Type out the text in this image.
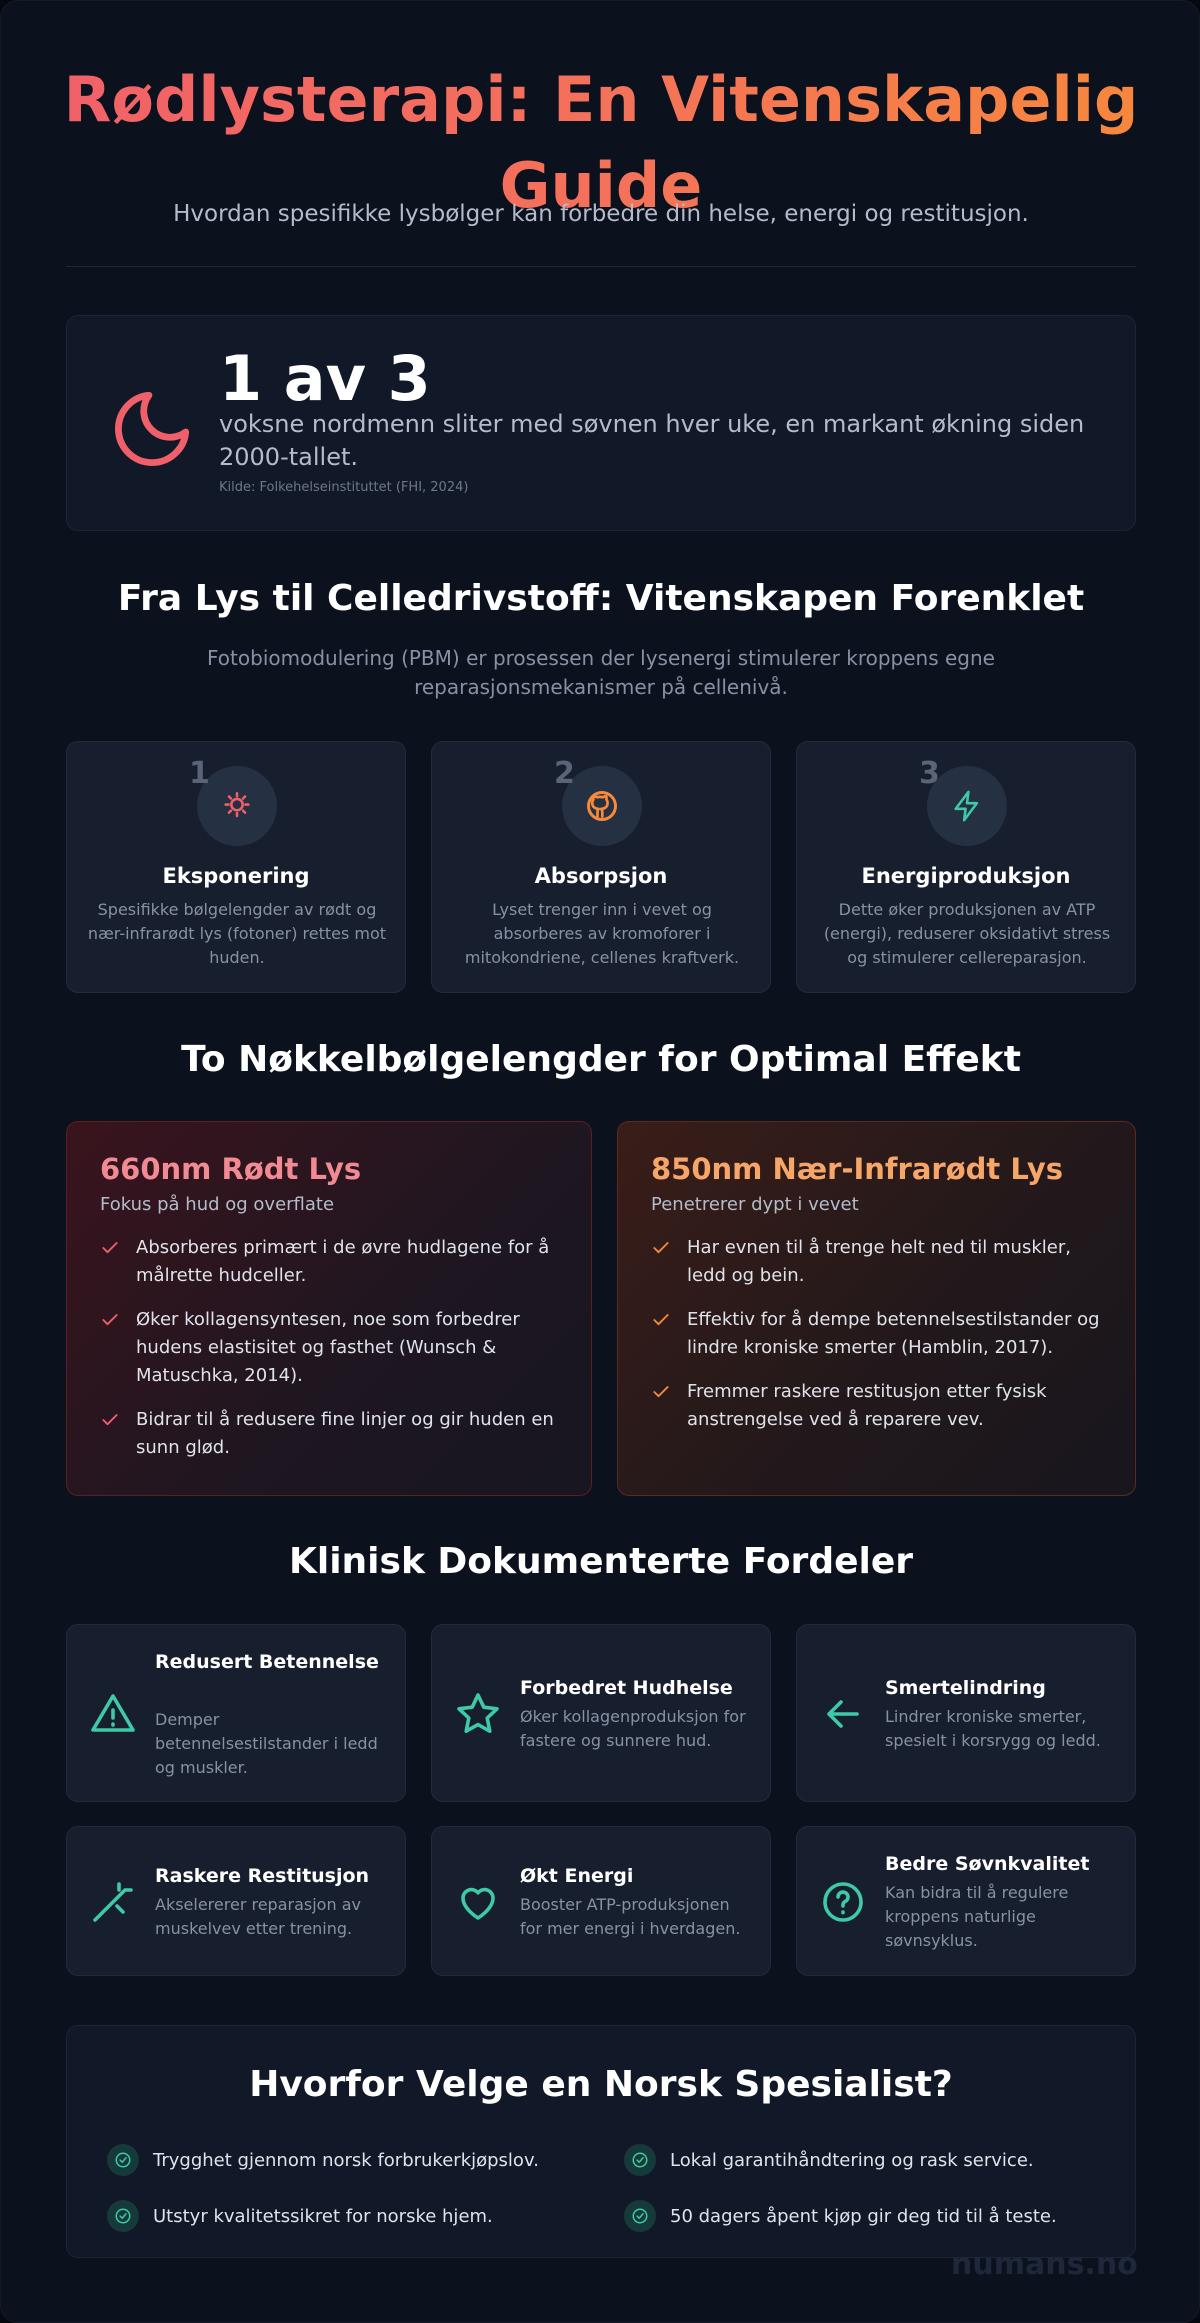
Rødlysterapi: En Vitenskapelig Guide

Hvordan spesifikke lysbølger kan forbedre din helse, energi og restitusjon.

1 av 3
voksne nordmenn sliter med søvnen hver uke, en markant økning siden 2000-tallet.
Kilde: Folkehelseinstituttet (FHI, 2024)
Fra Lys til Celledrivstoff: Vitenskapen Forenklet

Fotobiomodulering (PBM) er prosessen der lysenergi stimulerer kroppens egne reparasjonsmekanismer på cellenivå.

1
Eksponering
Spesifikke bølgelengder av rødt og nær-infrarødt lys (fotoner) rettes mot huden.
2
Absorpsjon
Lyset trenger inn i vevet og absorberes av kromoforer i mitokondriene, cellenes kraftverk.
3
Energiproduksjon
Dette øker produksjonen av ATP (energi), reduserer oksidativt stress og stimulerer cellereparasjon.
To Nøkkelbølgelengder for Optimal Effekt
660nm Rødt Lys
Fokus på hud og overflate
Absorberes primært i de øvre hudlagene for å målrette hudceller.
Øker kollagensyntesen, noe som forbedrer hudens elastisitet og fasthet (Wunsch & Matuschka, 2014).
Bidrar til å redusere fine linjer og gir huden en sunn glød.
850nm Nær-Infrarødt Lys
Penetrerer dypt i vevet
Har evnen til å trenge helt ned til muskler, ledd og bein.
Effektiv for å dempe betennelsestilstander og lindre kroniske smerter (Hamblin, 2017).
Fremmer raskere restitusjon etter fysisk anstrengelse ved å reparere vev.
Klinisk Dokumenterte Fordeler
Redusert Betennelse
Demper betennelsestilstander i ledd og muskler.
Forbedret Hudhelse
Øker kollagenproduksjon for fastere og sunnere hud.
Smertelindring
Lindrer kroniske smerter, spesielt i korsrygg og ledd.
Raskere Restitusjon
Akselererer reparasjon av muskelvev etter trening.
Økt Energi
Booster ATP-produksjonen for mer energi i hverdagen.
Bedre Søvnkvalitet
Kan bidra til å regulere kroppens naturlige søvnsyklus.
Hvorfor Velge en Norsk Spesialist?
Trygghet gjennom norsk forbrukerkjøpslov.	Lokal garantihåndtering og rask service.
Utstyr kvalitetssikret for norske hjem.	50 dagers åpent kjøp gir deg tid til å teste.
numans.no
